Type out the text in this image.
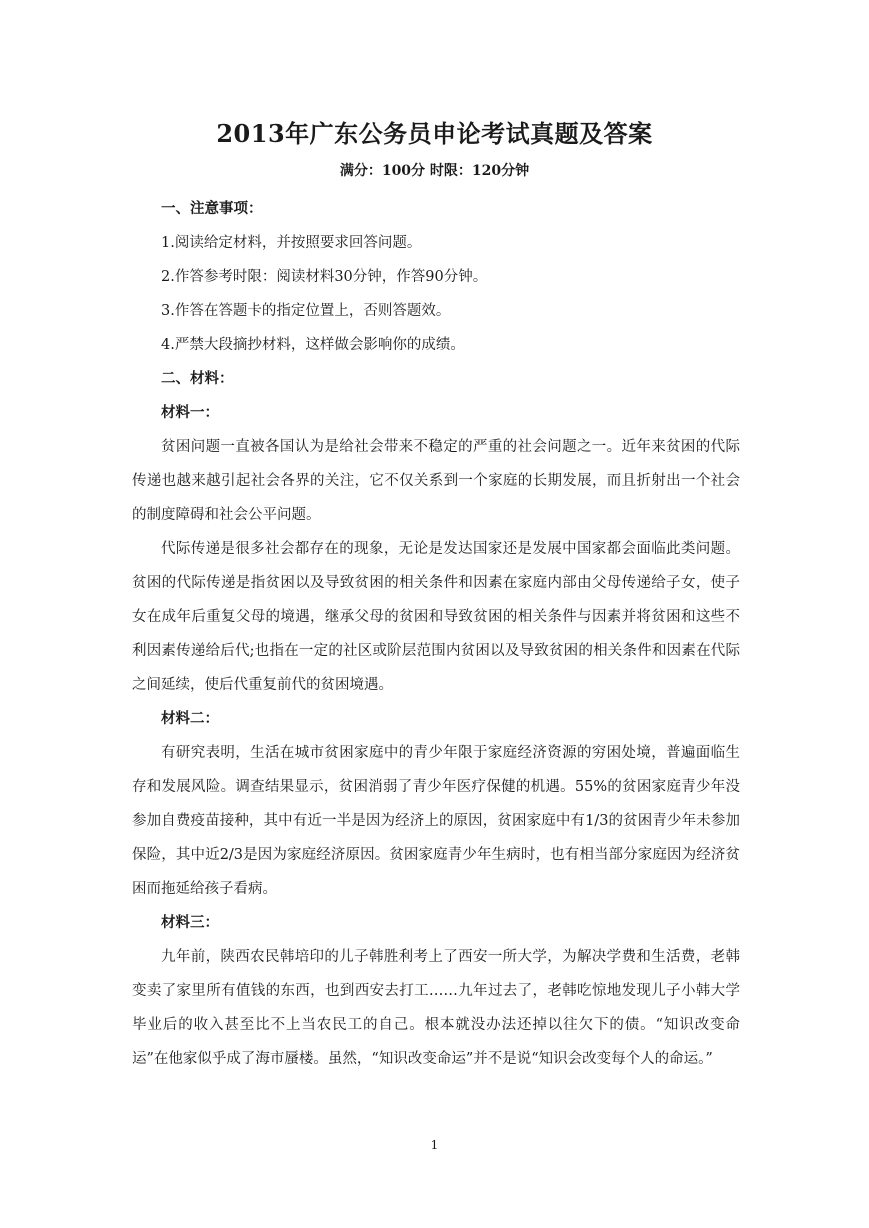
2013年广东公务员申论考试真题及答案
满分：100分 时限：120分钟

一、注意事项：

1.阅读给定材料，并按照要求回答问题。

2.作答参考时限：阅读材料30分钟，作答90分钟。

3.作答在答题卡的指定位置上，否则答题效。

4.严禁大段摘抄材料，这样做会影响你的成绩。

二、材料：

材料一：

贫困问题一直被各国认为是给社会带来不稳定的严重的社会问题之一。近年来贫困的代际传递也越来越引起社会各界的关注，它不仅关系到一个家庭的长期发展，而且折射出一个社会的制度障碍和社会公平问题。

代际传递是很多社会都存在的现象，无论是发达国家还是发展中国家都会面临此类问题。贫困的代际传递是指贫困以及导致贫困的相关条件和因素在家庭内部由父母传递给子女，使子女在成年后重复父母的境遇，继承父母的贫困和导致贫困的相关条件与因素并将贫困和这些不利因素传递给后代;也指在一定的社区或阶层范围内贫困以及导致贫困的相关条件和因素在代际之间延续，使后代重复前代的贫困境遇。

材料二：

有研究表明，生活在城市贫困家庭中的青少年限于家庭经济资源的穷困处境，普遍面临生存和发展风险。调查结果显示，贫困消弱了青少年医疗保健的机遇。55%的贫困家庭青少年没参加自费疫苗接种，其中有近一半是因为经济上的原因，贫困家庭中有1/3的贫困青少年未参加保险，其中近2/3是因为家庭经济原因。贫困家庭青少年生病时，也有相当部分家庭因为经济贫困而拖延给孩子看病。

材料三：

九年前，陕西农民韩培印的儿子韩胜利考上了西安一所大学，为解决学费和生活费，老韩变卖了家里所有值钱的东西，也到西安去打工……九年过去了，老韩吃惊地发现儿子小韩大学毕业后的收入甚至比不上当农民工的自己。根本就没办法还掉以往欠下的债。“知识改变命运”在他家似乎成了海市蜃楼。虽然，“知识改变命运”并不是说“知识会改变每个人的命运。”

1
